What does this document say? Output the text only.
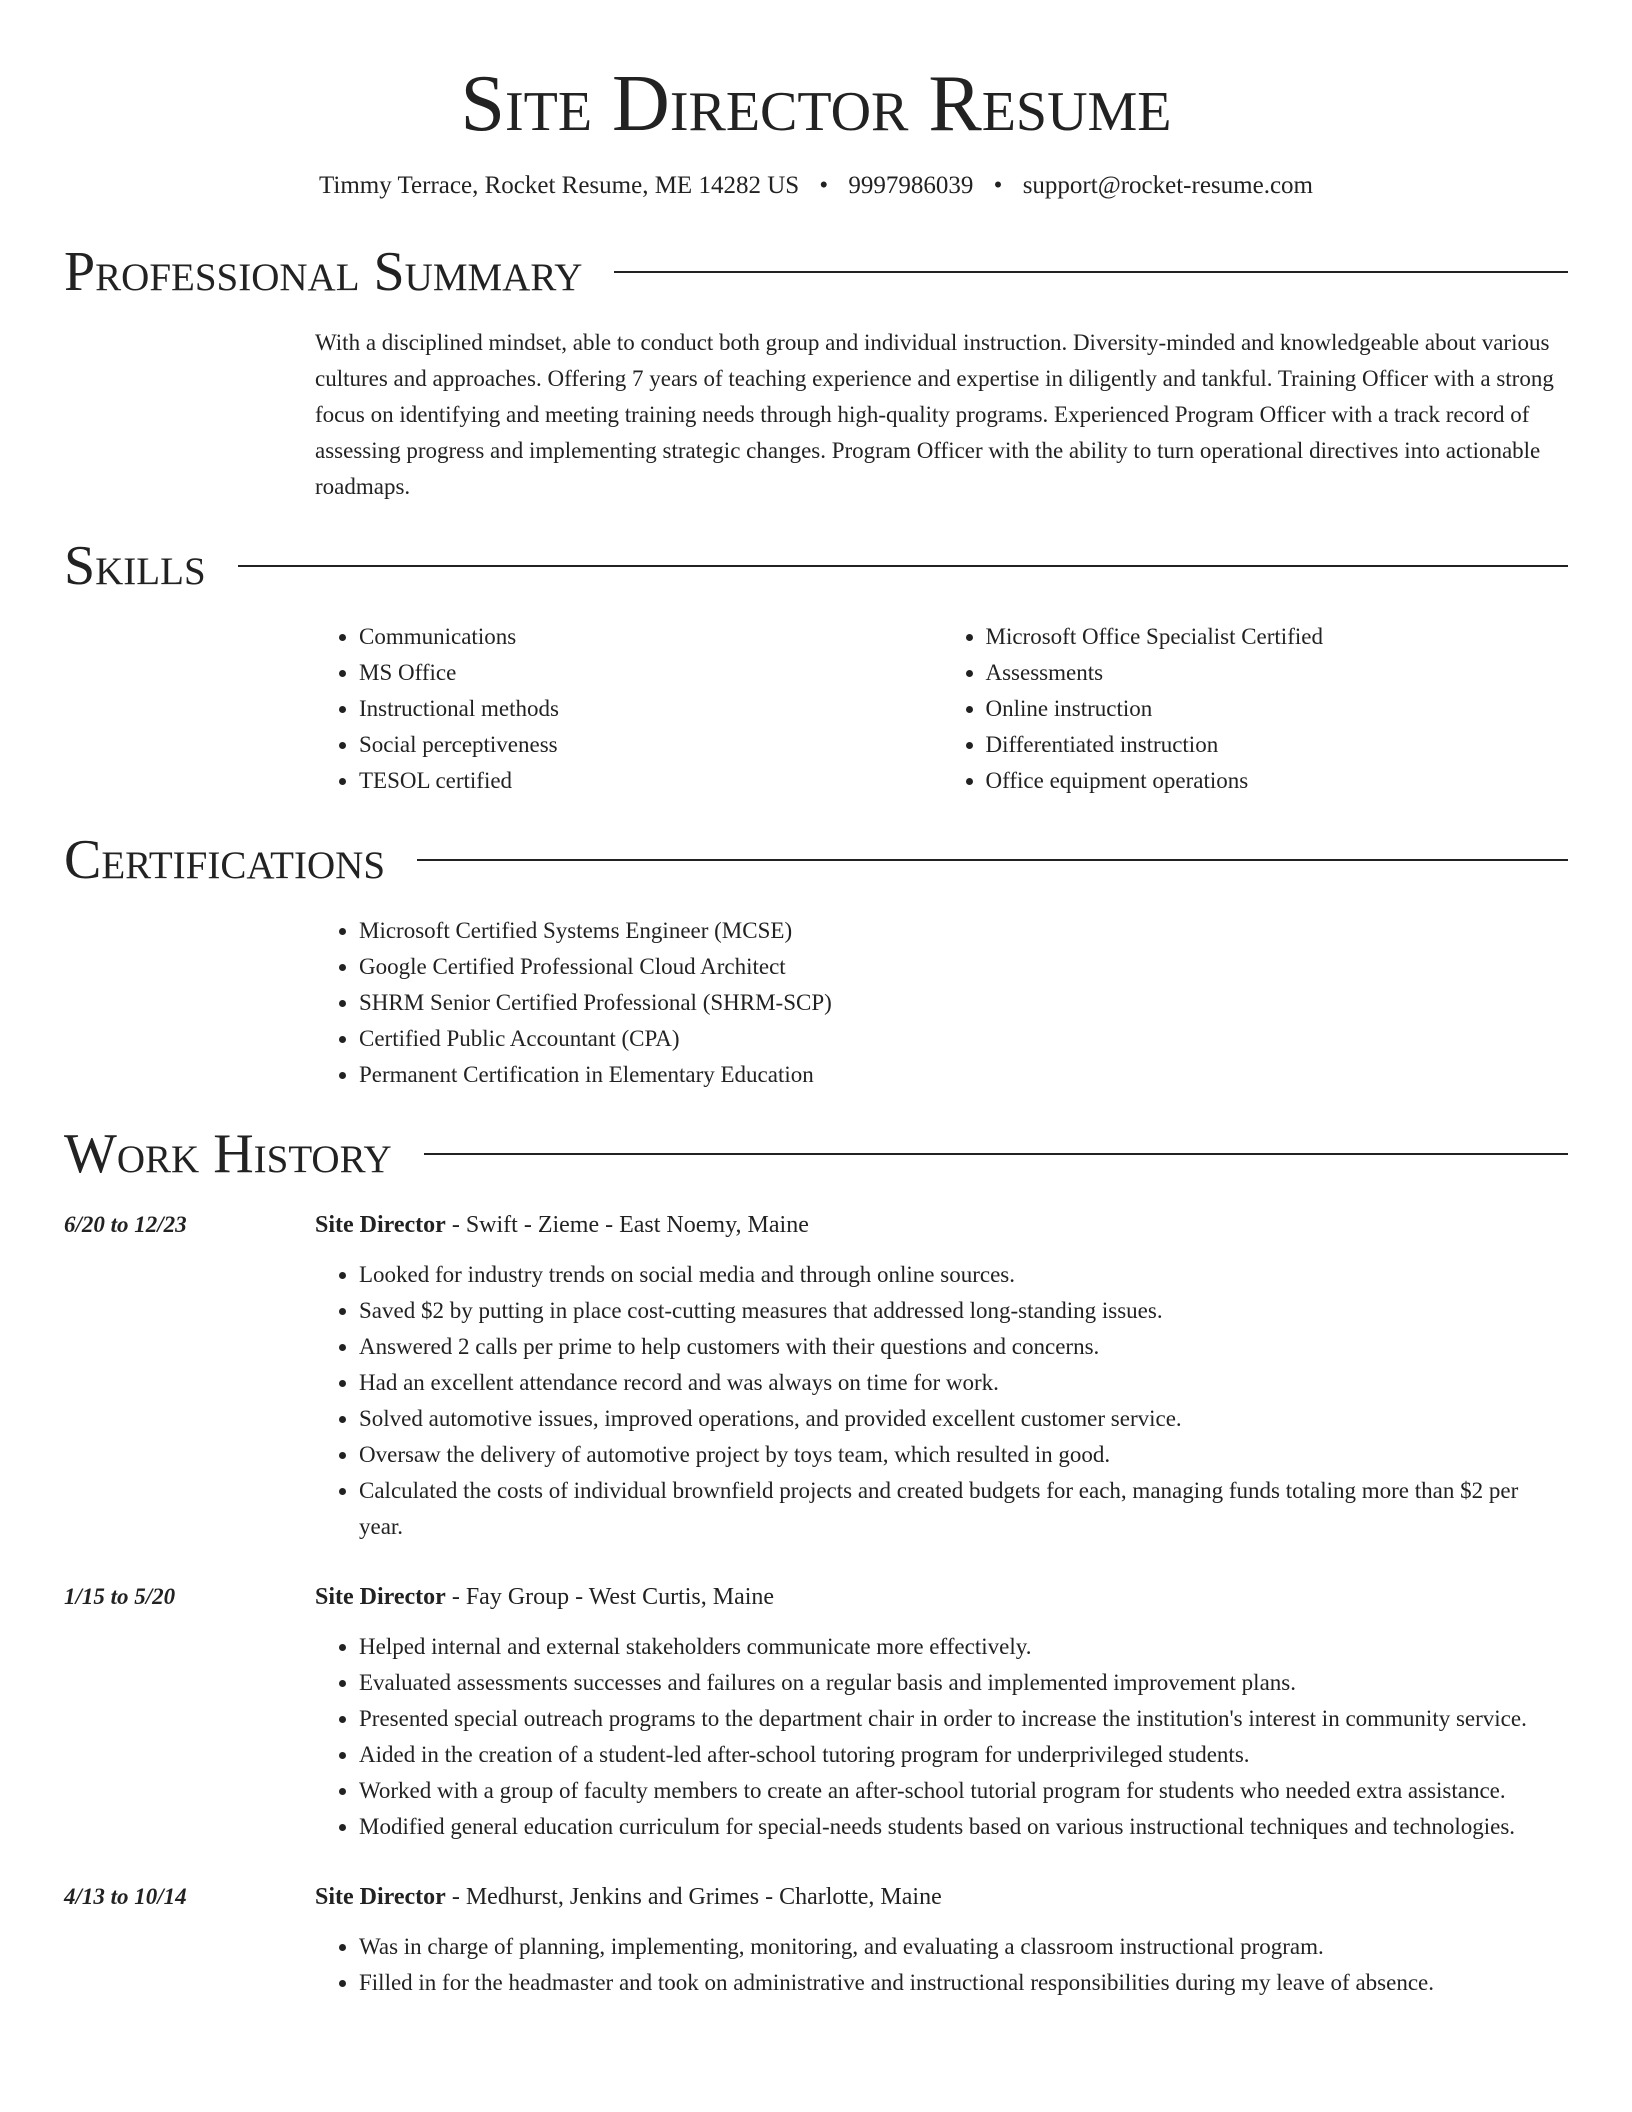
Site Director Resume
Timmy Terrace, Rocket Resume, ME 14282 US • 9997986039 • support@rocket-resume.com
Professional Summary
With a disciplined mindset, able to conduct both group and individual instruction. Diversity-minded and knowledgeable about various cultures and approaches. Offering 7 years of teaching experience and expertise in diligently and tankful. Training Officer with a strong focus on identifying and meeting training needs through high-quality programs. Experienced Program Officer with a track record of assessing progress and implementing strategic changes. Program Officer with the ability to turn operational directives into actionable roadmaps.
Skills
• Communications
• MS Office
• Instructional methods
• Social perceptiveness
• TESOL certified
• Microsoft Office Specialist Certified
• Assessments
• Online instruction
• Differentiated instruction
• Office equipment operations
Certifications
• Microsoft Certified Systems Engineer (MCSE)
• Google Certified Professional Cloud Architect
• SHRM Senior Certified Professional (SHRM-SCP)
• Certified Public Accountant (CPA)
• Permanent Certification in Elementary Education
Work History
6/20 to 12/23	Site Director - Swift - Zieme - East Noemy, Maine
• Looked for industry trends on social media and through online sources.
• Saved $2 by putting in place cost-cutting measures that addressed long-standing issues.
• Answered 2 calls per prime to help customers with their questions and concerns.
• Had an excellent attendance record and was always on time for work.
• Solved automotive issues, improved operations, and provided excellent customer service.
• Oversaw the delivery of automotive project by toys team, which resulted in good.
• Calculated the costs of individual brownfield projects and created budgets for each, managing funds totaling more than $2 per year.
1/15 to 5/20	Site Director - Fay Group - West Curtis, Maine
• Helped internal and external stakeholders communicate more effectively.
• Evaluated assessments successes and failures on a regular basis and implemented improvement plans.
• Presented special outreach programs to the department chair in order to increase the institution's interest in community service.
• Aided in the creation of a student-led after-school tutoring program for underprivileged students.
• Worked with a group of faculty members to create an after-school tutorial program for students who needed extra assistance.
• Modified general education curriculum for special-needs students based on various instructional techniques and technologies.
4/13 to 10/14	Site Director - Medhurst, Jenkins and Grimes - Charlotte, Maine
• Was in charge of planning, implementing, monitoring, and evaluating a classroom instructional program.
• Filled in for the headmaster and took on administrative and instructional responsibilities during my leave of absence.
